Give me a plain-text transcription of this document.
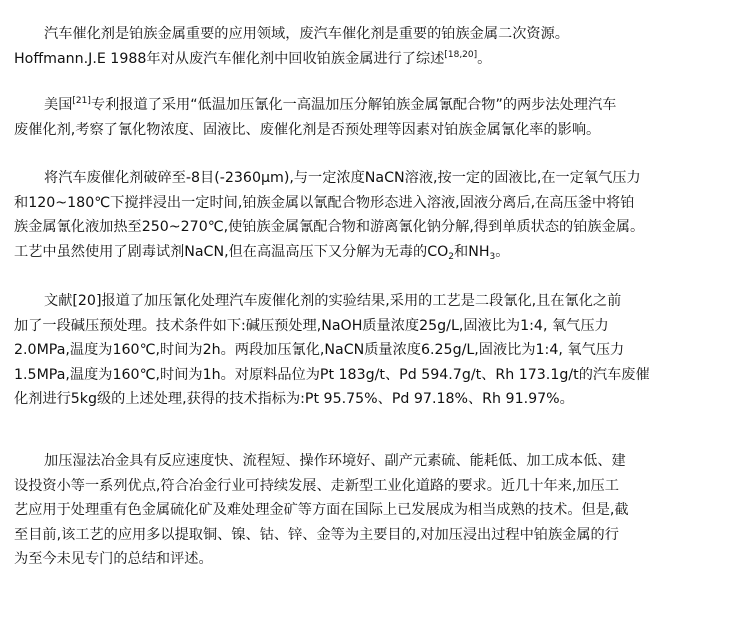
汽车催化剂是铂族金属重要的应用领域，废汽车催化剂是重要的铂族金属二次资源。
Hoffmann.J.E 1988年对从废汽车催化剂中回收铂族金属进行了综述[18,20]。
美国[21]专利报道了采用“低温加压氰化一高温加压分解铂族金属氰配合物”的两步法处理汽车
废催化剂,考察了氰化物浓度、固液比、废催化剂是否预处理等因素对铂族金属氰化率的影响。
将汽车废催化剂破碎至-8目(-2360μm),与一定浓度NaCN溶液,按一定的固液比,在一定氧气压力
和120~180℃下搅拌浸出一定时间,铂族金属以氰配合物形态进入溶液,固液分离后,在高压釜中将铂
族金属氰化液加热至250~270℃,使铂族金属氰配合物和游离氰化钠分解,得到单质状态的铂族金属。
工艺中虽然使用了剧毒试剂NaCN,但在高温高压下又分解为无毒的$CO_2$和$NH_3$。
文献[20]报道了加压氰化处理汽车废催化剂的实验结果,采用的工艺是二段氰化,且在氰化之前
加了一段碱压预处理。技术条件如下:碱压预处理,NaOH质量浓度25g/L,固液比为1:4, 氧气压力
2.0MPa,温度为160℃,时间为2h。两段加压氰化,NaCN质量浓度6.25g/L,固液比为1:4, 氧气压力
1.5MPa,温度为160℃,时间为1h。对原料品位为Pt 183g/t、Pd 594.7g/t、Rh 173.1g/t的汽车废催
化剂进行5kg级的上述处理,获得的技术指标为:Pt 95.75%、Pd 97.18%、Rh 91.97%。
加压湿法冶金具有反应速度快、流程短、操作环境好、副产元素硫、能耗低、加工成本低、建
设投资小等一系列优点,符合冶金行业可持续发展、走新型工业化道路的要求。近几十年来,加压工
艺应用于处理重有色金属硫化矿及难处理金矿等方面在国际上已发展成为相当成熟的技术。但是,截
至目前,该工艺的应用多以提取铜、镍、钴、锌、金等为主要目的,对加压浸出过程中铂族金属的行
为至今未见专门的总结和评述。
